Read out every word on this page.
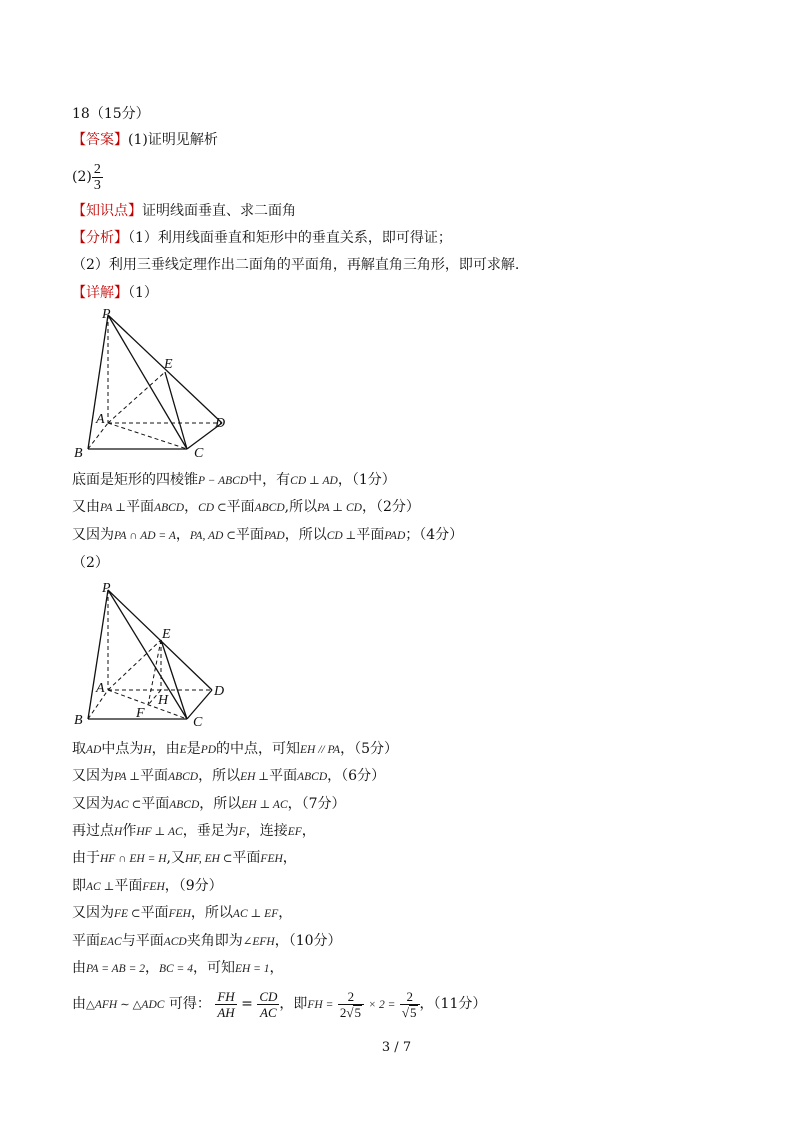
18（15分）
【答案】(1)证明见解析
$(2) \frac{2}{3}$
【知识点】证明线面垂直、求二面角
【分析】（1）利用线面垂直和矩形中的垂直关系，即可得证；
（2）利用三垂线定理作出二面角的平面角，再解直角三角形，即可求解.
【详解】（1）
P
E
A	D
B	C
底面是矩形的四棱锥P − ABCD中，有CD ⊥ AD，（1分）
又由PA ⊥平面ABCD，CD ⊂平面ABCD,所以PA ⊥ CD，（2分）
又因为PA ∩ AD = A，PA, AD ⊂平面PAD，所以CD ⊥平面PAD；（4分）
（2）
P
E
A
H
D
B	F
C
取AD中点为H，由E是PD的中点，可知EH // PA，（5分）
又因为PA ⊥平面ABCD，所以EH ⊥平面ABCD，（6分）
又因为AC ⊂平面ABCD，所以EH ⊥ AC，（7分）
再过点H作HF ⊥ AC，垂足为F，连接EF，
由于HF ∩ EH = H,又HF, EH ⊂平面FEH，
即AC ⊥平面FEH，（9分）
又因为FE ⊂平面FEH，所以AC ⊥ EF，
平面EAC与平面ACD夹角即为∠EFH，（10分）
由PA = AB = 2，BC = 4，可知EH = 1，
由△AFH ∼ △ADC 可得： $\frac{FH}{AH} = \frac{CD}{AC}$ ，即FH = $\frac{2}{2√5} \times 2 = \frac{2}{√5}$ ，（11分）
3 / 7
